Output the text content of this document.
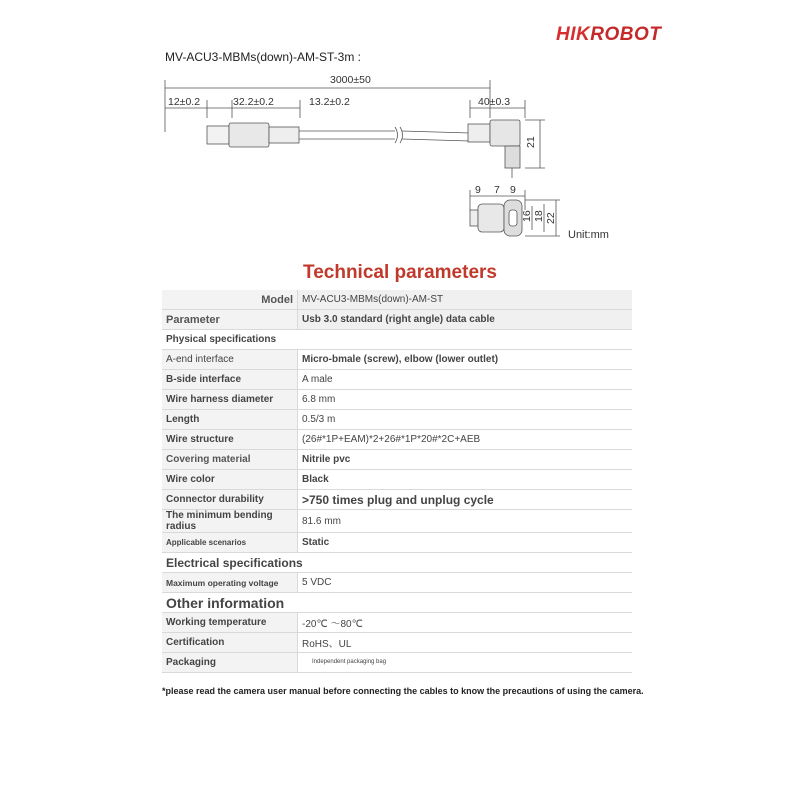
HIKROBOT
MV-ACU3-MBMs(down)-AM-ST-3m :
3000±50
12±0.2	32.2±0.2	13.2±0.2	40±0.3
21
9 7 9
16 18 22
Unit:mm
Technical parameters
Model	MV-ACU3-MBMs(down)-AM-ST
Parameter	Usb 3.0 standard (right angle) data cable
Physical specifications	
A-end interface	Micro-bmale (screw), elbow (lower outlet)
B-side interface	A male
Wire harness diameter	6.8 mm
Length	0.5/3 m
Wire structure	(26#*1P+EAM)*2+26#*1P*20#*2C+AEB
Covering material	Nitrile pvc
Wire color	Black
Connector durability	>750 times plug and unplug cycle
The minimum bending radius	81.6 mm
Applicable scenarios	Static
Electrical specifications	
Maximum operating voltage	5 VDC
Other information	
Working temperature	-20℃ ～80℃
Certification	RoHS、UL
Packaging	Independent packaging bag
*please read the camera user manual before connecting the cables to know the precautions of using the camera.
